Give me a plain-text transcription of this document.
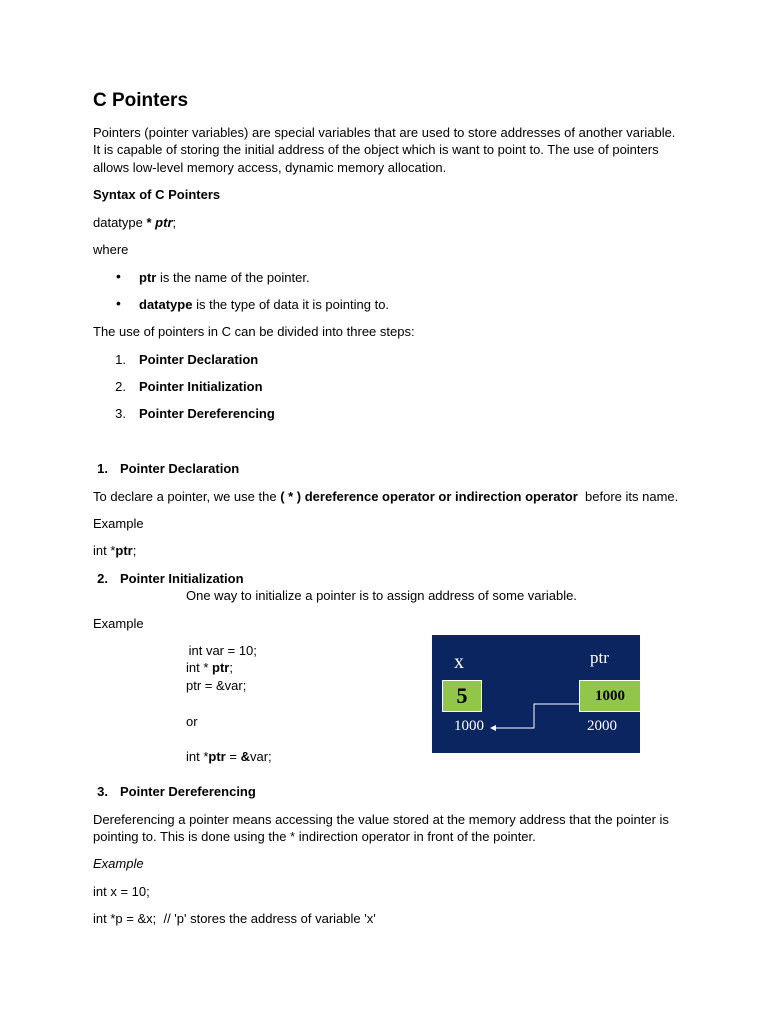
C Pointers
Pointers (pointer variables) are special variables that are used to store addresses of another variable.
It is capable of storing the initial address of the object which is want to point to. The use of pointers
allows low-level memory access, dynamic memory allocation.
Syntax of C Pointers
datatype * ptr;
where
• ptr is the name of the pointer.
• datatype is the type of data it is pointing to.
The use of pointers in C can be divided into three steps:
1. Pointer Declaration
2. Pointer Initialization
3. Pointer Dereferencing
1. Pointer Declaration
To declare a pointer, we use the ( * ) dereference operator or indirection operator  before its name.
Example
int *ptr;
2. Pointer Initialization
One way to initialize a pointer is to assign address of some variable.
Example
int var = 10;
int * ptr;
ptr = &var;
or
int *ptr = &var;
x	ptr
5	1000
1000	2000
3. Pointer Dereferencing
Dereferencing a pointer means accessing the value stored at the memory address that the pointer is
pointing to. This is done using the * indirection operator in front of the pointer.
Example
int x = 10;
int *p = &x;  // 'p' stores the address of variable 'x'
